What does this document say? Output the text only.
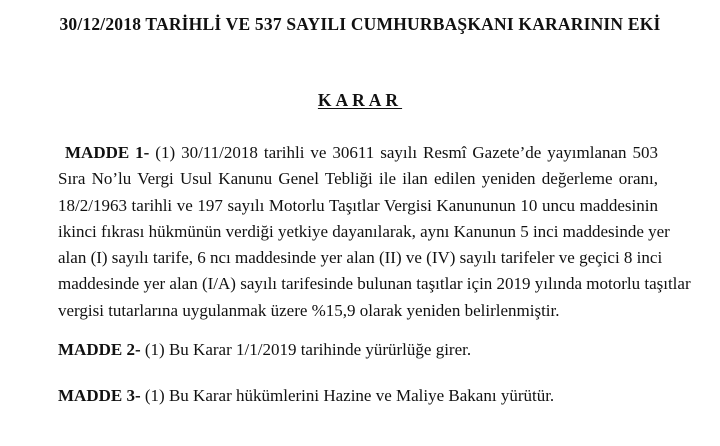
30/12/2018 TARİHLİ VE 537 SAYILI CUMHURBAŞKANI KARARININ EKİ
KARAR
MADDE 1- (1) 30/11/2018 tarihli ve 30611 sayılı Resmî Gazete’de yayımlanan 503
Sıra No’lu Vergi Usul Kanunu Genel Tebliği ile ilan edilen yeniden değerleme oranı,
18/2/1963 tarihli ve 197 sayılı Motorlu Taşıtlar Vergisi Kanununun 10 uncu maddesinin
ikinci fıkrası hükmünün verdiği yetkiye dayanılarak, aynı Kanunun 5 inci maddesinde yer
alan (I) sayılı tarife, 6 ncı maddesinde yer alan (II) ve (IV) sayılı tarifeler ve geçici 8 inci
maddesinde yer alan (I/A) sayılı tarifesinde bulunan taşıtlar için 2019 yılında motorlu taşıtlar
vergisi tutarlarına uygulanmak üzere %15,9 olarak yeniden belirlenmiştir.
MADDE 2- (1) Bu Karar 1/1/2019 tarihinde yürürlüğe girer.
MADDE 3- (1) Bu Karar hükümlerini Hazine ve Maliye Bakanı yürütür.
